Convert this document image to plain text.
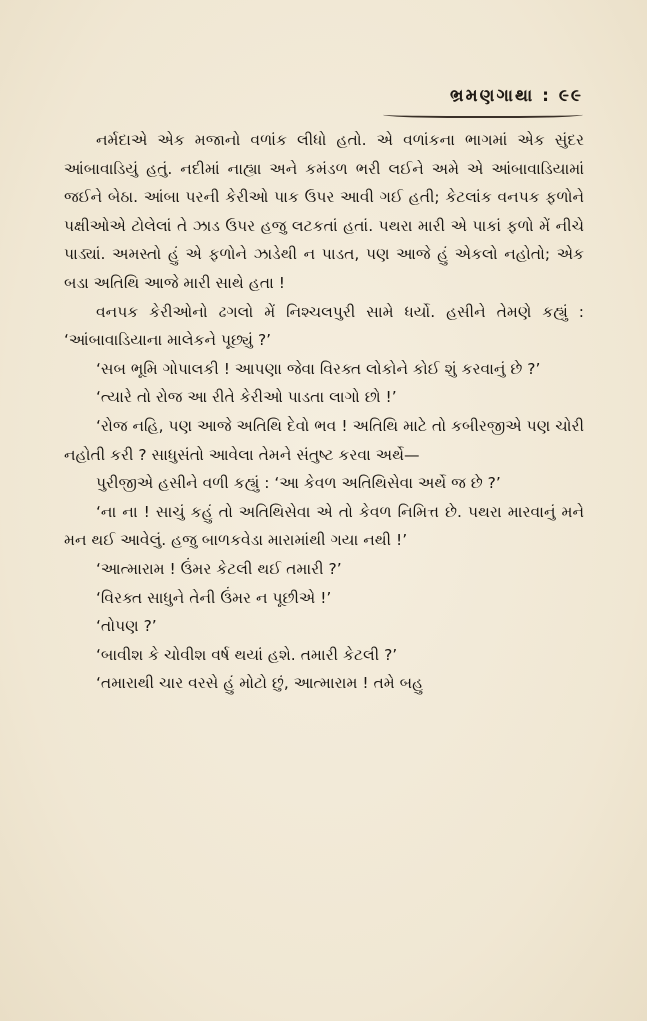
ભ્રમણગાથા : ૯૯

નર્મદાએ એક મજાનો વળાંક લીધો હતો. એ વળાંકના ભાગમાં એક સુંદર આંબાવાડિયું હતું. નદીમાં નાહ્યા અને કમંડળ ભરી લઈને અમે એ આંબાવાડિયામાં જઈને બેઠા. આંબા પરની કેરીઓ પાક ઉપર આવી ગઈ હતી; કેટલાંક વનપક ફળોને પક્ષીઓએ ટોલેલાં તે ઝાડ ઉપર હજુ લટકતાં હતાં. પથરા મારી એ પાકાં ફળો મેં નીચે પાડ્યાં. અમસ્તો હું એ ફળોને ઝાડેથી ન પાડત, પણ આજે હું એકલો નહોતો; એક બડા અતિથિ આજે મારી સાથે હતા !

વનપક કેરીઓનો ઢગલો મેં નિશ્ચલપુરી સામે ધર્યો. હસીને તેમણે કહ્યું : ‘આંબાવાડિયાના માલેકને પૂછ્યું ?’

‘સબ ભૂમિ ગોપાલકી ! આપણા જેવા વિરક્ત લોકોને કોઈ શું કરવાનું છે ?’

‘ત્યારે તો રોજ આ રીતે કેરીઓ પાડતા લાગો છો !’

‘રોજ નહિ, પણ આજે અતિથિ દેવો ભવ ! અતિથિ માટે તો કબીરજીએ પણ ચોરી નહોતી કરી ? સાધુસંતો આવેલા તેમને સંતુષ્ટ કરવા અર્થે—

પુરીજીએ હસીને વળી કહ્યું : ‘આ કેવળ અતિથિસેવા અર્થે જ છે ?’

‘ના ના ! સાચું કહું તો અતિથિસેવા એ તો કેવળ નિમિત્ત છે. પથરા મારવાનું મને મન થઈ આવેલું. હજુ બાળકવેડા મારામાંથી ગયા નથી !’

‘આત્મારામ ! ઉંમર કેટલી થઈ તમારી ?’

‘વિરક્ત સાધુને તેની ઉંમર ન પૂછીએ !’

‘તોપણ ?’

‘બાવીશ કે ચોવીશ વર્ષ થયાં હશે. તમારી કેટલી ?’

‘તમારાથી ચાર વરસે હું મોટો છું, આત્મારામ ! તમે બહુ
